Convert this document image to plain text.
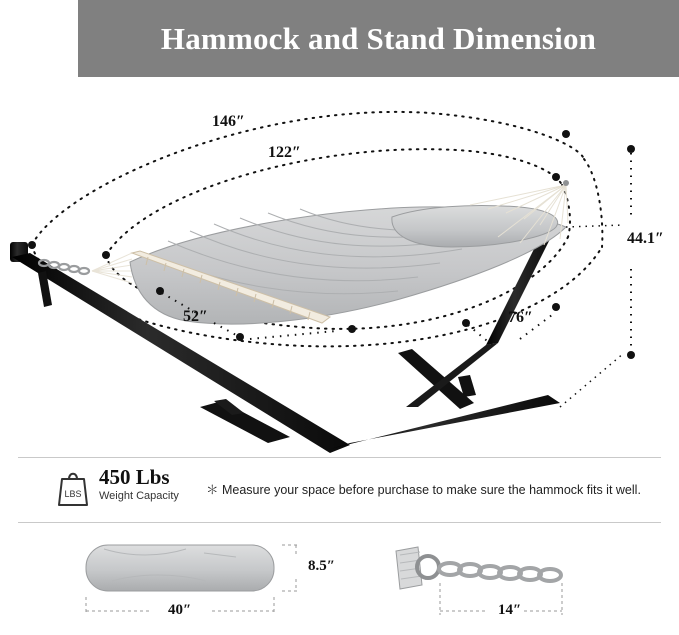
Hammock and Stand Dimension
146″
122″
44.1″
52″	76″
LBS
450 Lbs
Weight Capacity ＊ Measure your space before purchase to make sure the hammock fits it well.
8.5″
40″	14″
